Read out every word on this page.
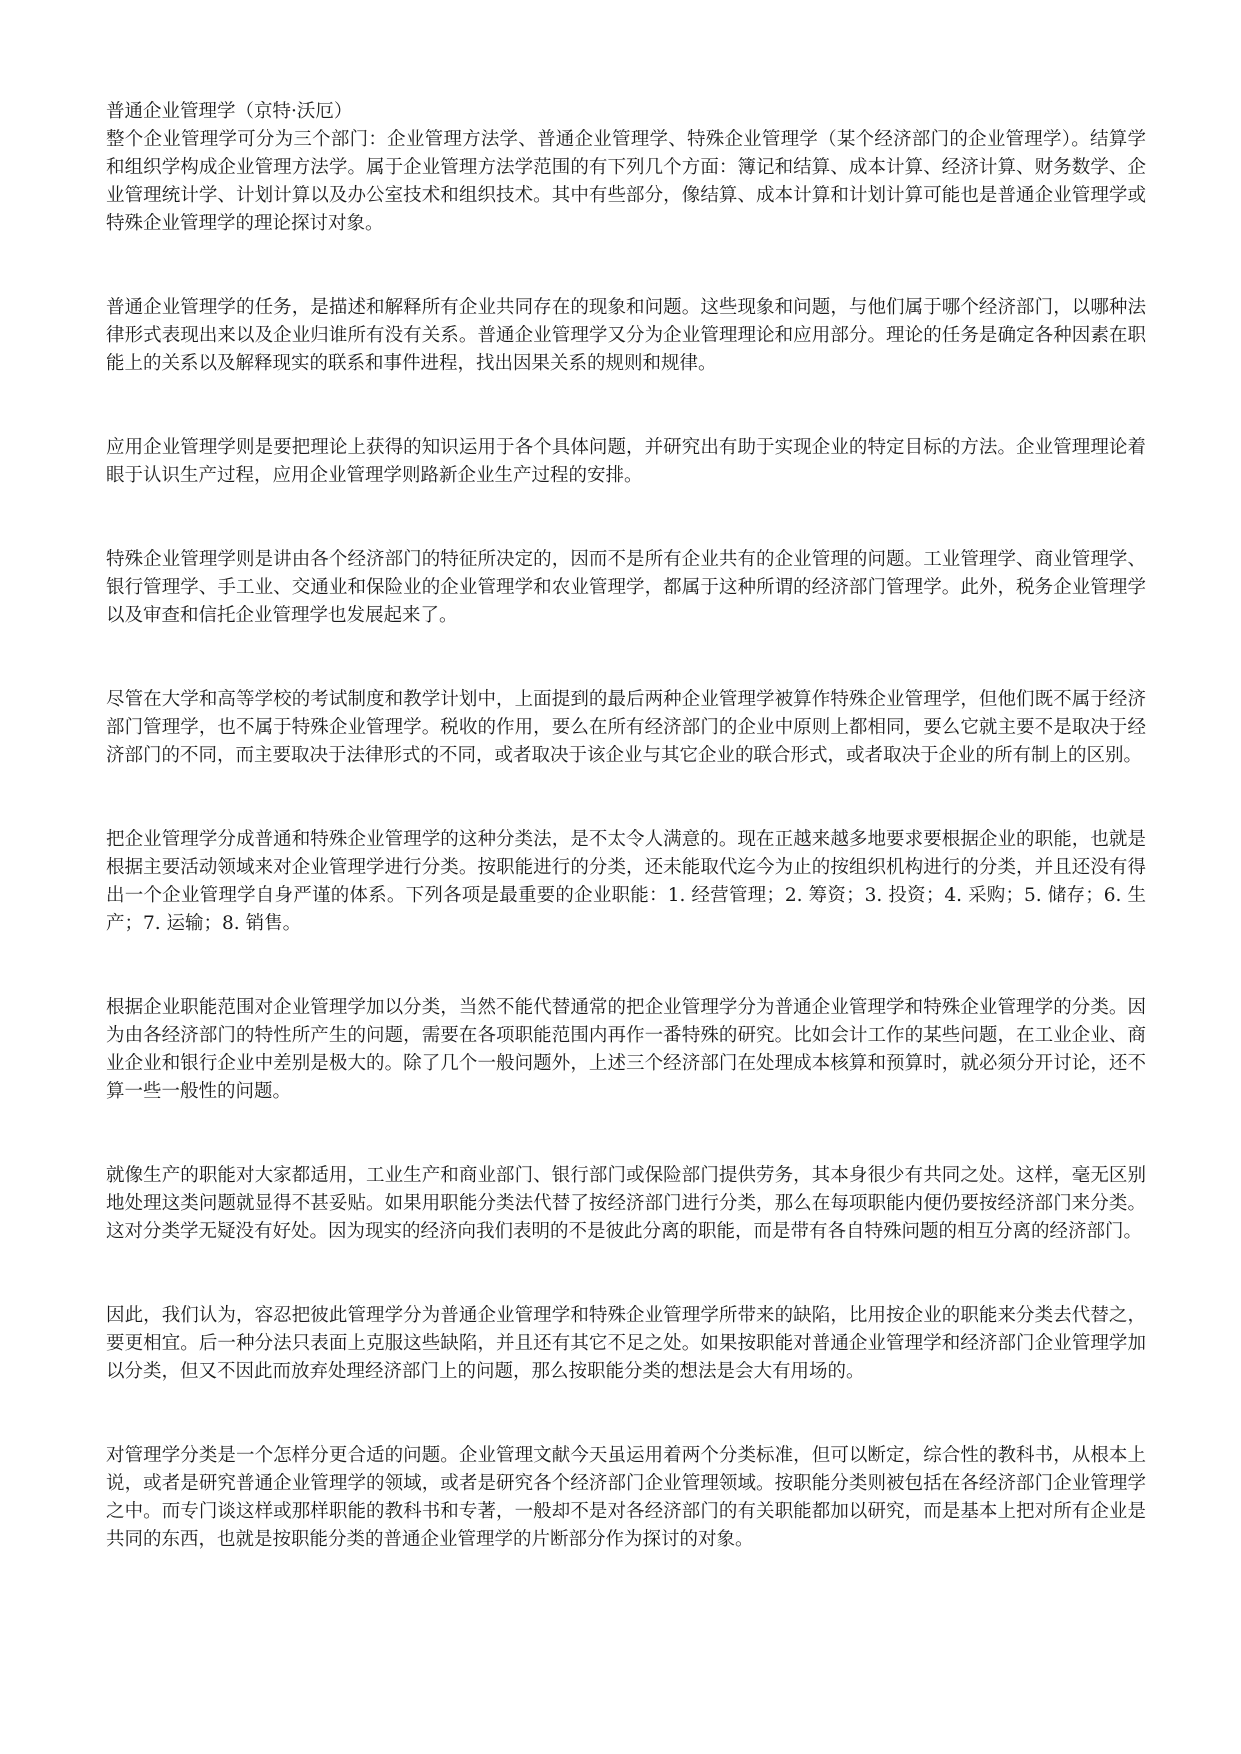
普通企业管理学（京特·沃厄）

整个企业管理学可分为三个部门：企业管理方法学、普通企业管理学、特殊企业管理学（某个经济部门的企业管理学）。结算学和组织学构成企业管理方法学。属于企业管理方法学范围的有下列几个方面：簿记和结算、成本计算、经济计算、财务数学、企业管理统计学、计划计算以及办公室技术和组织技术。其中有些部分，像结算、成本计算和计划计算可能也是普通企业管理学或特殊企业管理学的理论探讨对象。

普通企业管理学的任务，是描述和解释所有企业共同存在的现象和问题。这些现象和问题，与他们属于哪个经济部门，以哪种法律形式表现出来以及企业归谁所有没有关系。普通企业管理学又分为企业管理理论和应用部分。理论的任务是确定各种因素在职能上的关系以及解释现实的联系和事件进程，找出因果关系的规则和规律。

应用企业管理学则是要把理论上获得的知识运用于各个具体问题，并研究出有助于实现企业的特定目标的方法。企业管理理论着眼于认识生产过程，应用企业管理学则路新企业生产过程的安排。

特殊企业管理学则是讲由各个经济部门的特征所决定的，因而不是所有企业共有的企业管理的问题。工业管理学、商业管理学、银行管理学、手工业、交通业和保险业的企业管理学和农业管理学，都属于这种所谓的经济部门管理学。此外，税务企业管理学以及审查和信托企业管理学也发展起来了。

尽管在大学和高等学校的考试制度和教学计划中，上面提到的最后两种企业管理学被算作特殊企业管理学，但他们既不属于经济部门管理学，也不属于特殊企业管理学。税收的作用，要么在所有经济部门的企业中原则上都相同，要么它就主要不是取决于经济部门的不同，而主要取决于法律形式的不同，或者取决于该企业与其它企业的联合形式，或者取决于企业的所有制上的区别。

把企业管理学分成普通和特殊企业管理学的这种分类法，是不太令人满意的。现在正越来越多地要求要根据企业的职能，也就是根据主要活动领域来对企业管理学进行分类。按职能进行的分类，还未能取代迄今为止的按组织机构进行的分类，并且还没有得出一个企业管理学自身严谨的体系。下列各项是最重要的企业职能：1. 经营管理；2. 筹资；3. 投资；4. 采购；5. 储存；6. 生产；7. 运输；8. 销售。

根据企业职能范围对企业管理学加以分类，当然不能代替通常的把企业管理学分为普通企业管理学和特殊企业管理学的分类。因为由各经济部门的特性所产生的问题，需要在各项职能范围内再作一番特殊的研究。比如会计工作的某些问题，在工业企业、商业企业和银行企业中差别是极大的。除了几个一般问题外，上述三个经济部门在处理成本核算和预算时，就必须分开讨论，还不算一些一般性的问题。

就像生产的职能对大家都适用，工业生产和商业部门、银行部门或保险部门提供劳务，其本身很少有共同之处。这样，毫无区别地处理这类问题就显得不甚妥贴。如果用职能分类法代替了按经济部门进行分类，那么在每项职能内便仍要按经济部门来分类。这对分类学无疑没有好处。因为现实的经济向我们表明的不是彼此分离的职能，而是带有各自特殊问题的相互分离的经济部门。

因此，我们认为，容忍把彼此管理学分为普通企业管理学和特殊企业管理学所带来的缺陷，比用按企业的职能来分类去代替之，要更相宜。后一种分法只表面上克服这些缺陷，并且还有其它不足之处。如果按职能对普通企业管理学和经济部门企业管理学加以分类，但又不因此而放弃处理经济部门上的问题，那么按职能分类的想法是会大有用场的。

对管理学分类是一个怎样分更合适的问题。企业管理文献今天虽运用着两个分类标准，但可以断定，综合性的教科书，从根本上说，或者是研究普通企业管理学的领域，或者是研究各个经济部门企业管理领域。按职能分类则被包括在各经济部门企业管理学之中。而专门谈这样或那样职能的教科书和专著，一般却不是对各经济部门的有关职能都加以研究，而是基本上把对所有企业是共同的东西，也就是按职能分类的普通企业管理学的片断部分作为探讨的对象。
